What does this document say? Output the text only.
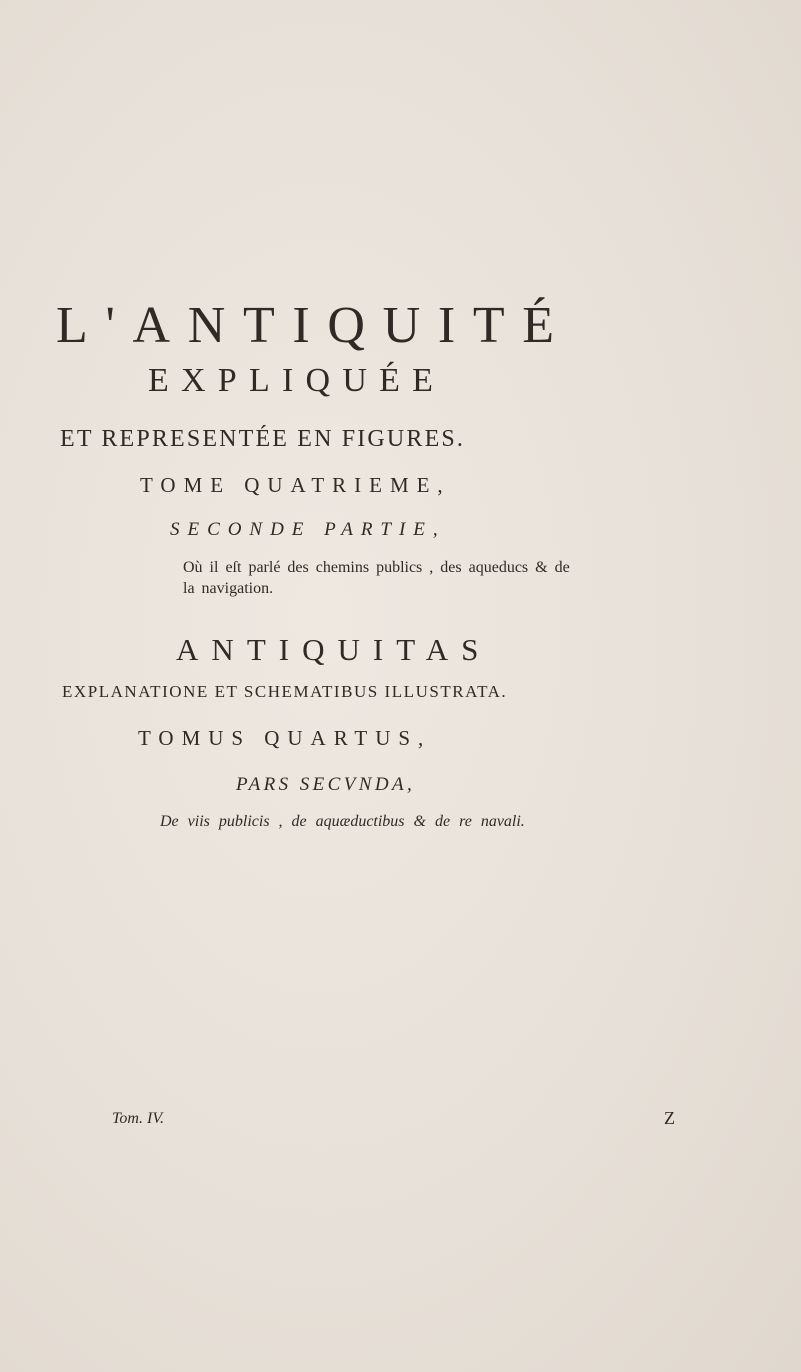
L'ANTIQUITÉ
EXPLIQUÉE
ET REPRESENTÉE EN FIGURES.
TOME QUATRIEME,
SECONDE PARTIE,
Où il eſt parlé des chemins publics , des aqueducs & de
la navigation.
ANTIQUITAS
EXPLANATIONE ET SCHEMATIBUS ILLUSTRATA.
TOMUS QUARTUS,
PARS SECVNDA,
De viis publicis , de aquæductibus & de re navali.
Tom. IV.	Z
